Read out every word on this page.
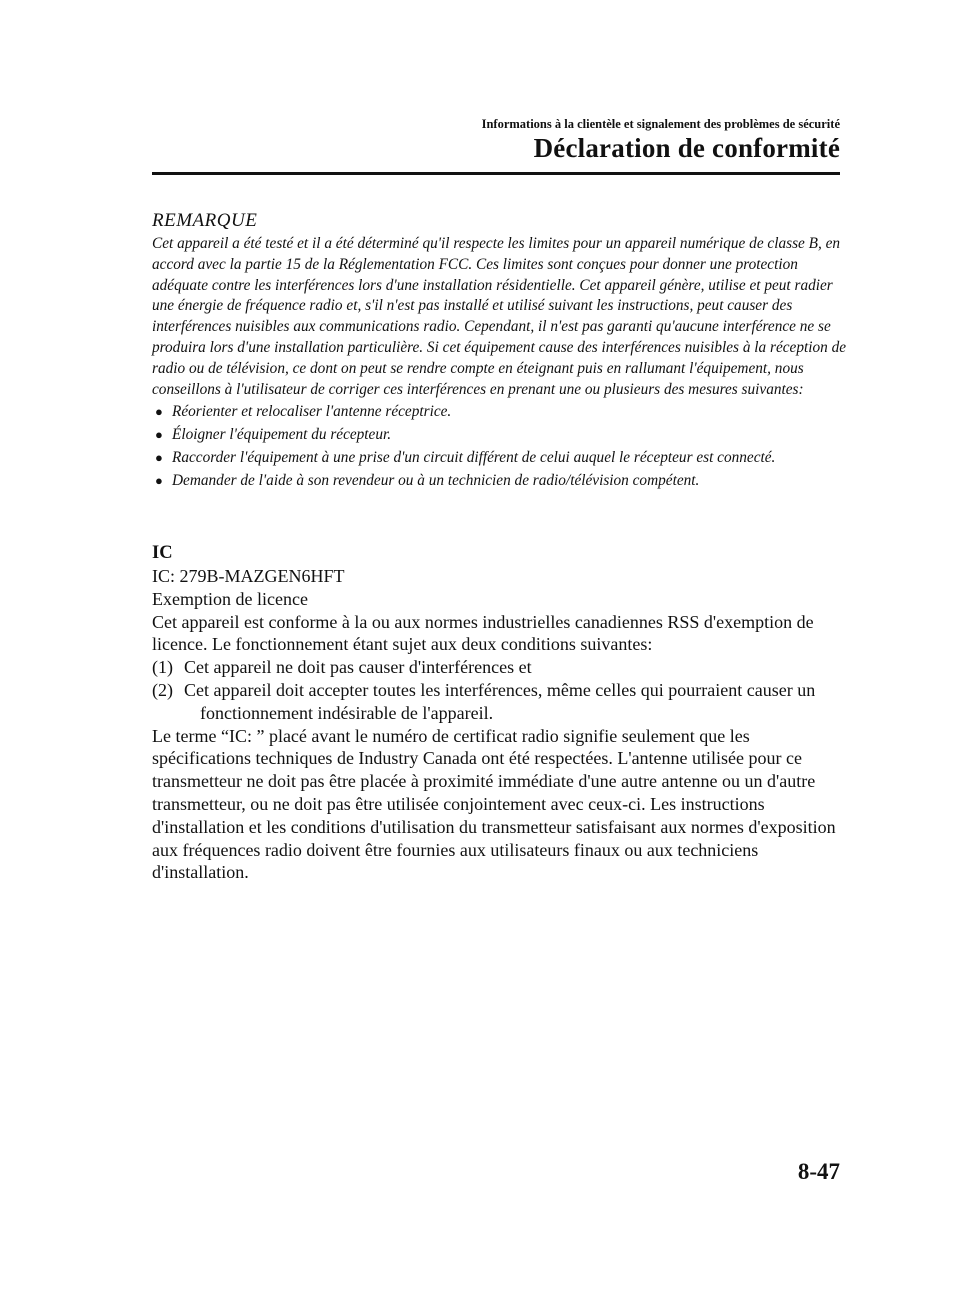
Informations à la clientèle et signalement des problèmes de sécurité
Déclaration de conformité
REMARQUE

Cet appareil a été testé et il a été déterminé qu'il respecte les limites pour un appareil numérique de classe B, en accord avec la partie 15 de la Réglementation FCC. Ces limites sont conçues pour donner une protection adéquate contre les interférences lors d'une installation résidentielle. Cet appareil génère, utilise et peut radier une énergie de fréquence radio et, s'il n'est pas installé et utilisé suivant les instructions, peut causer des interférences nuisibles aux communications radio. Cependant, il n'est pas garanti qu'aucune interférence ne se produira lors d'une installation particulière. Si cet équipement cause des interférences nuisibles à la réception de radio ou de télévision, ce dont on peut se rendre compte en éteignant puis en rallumant l'équipement, nous conseillons à l'utilisateur de corriger ces interférences en prenant une ou plusieurs des mesures suivantes:

● Réorienter et relocaliser l'antenne réceptrice.
● Éloigner l'équipement du récepteur.
● Raccorder l'équipement à une prise d'un circuit différent de celui auquel le récepteur est connecté.
● Demander de l'aide à son revendeur ou à un technicien de radio/télévision compétent.
IC

IC: 279B-MAZGEN6HFT

Exemption de licence

Cet appareil est conforme à la ou aux normes industrielles canadiennes RSS d'exemption de licence. Le fonctionnement étant sujet aux deux conditions suivantes:

(1) Cet appareil ne doit pas causer d'interférences et
(2) Cet appareil doit accepter toutes les interférences, même celles qui pourraient causer un
fonctionnement indésirable de l'appareil.

Le terme “IC: ” placé avant le numéro de certificat radio signifie seulement que les spécifications techniques de Industry Canada ont été respectées. L'antenne utilisée pour ce transmetteur ne doit pas être placée à proximité immédiate d'une autre antenne ou un d'autre transmetteur, ou ne doit pas être utilisée conjointement avec ceux-ci. Les instructions d'installation et les conditions d'utilisation du transmetteur satisfaisant aux normes d'exposition aux fréquences radio doivent être fournies aux utilisateurs finaux ou aux techniciens d'installation.

8-47
